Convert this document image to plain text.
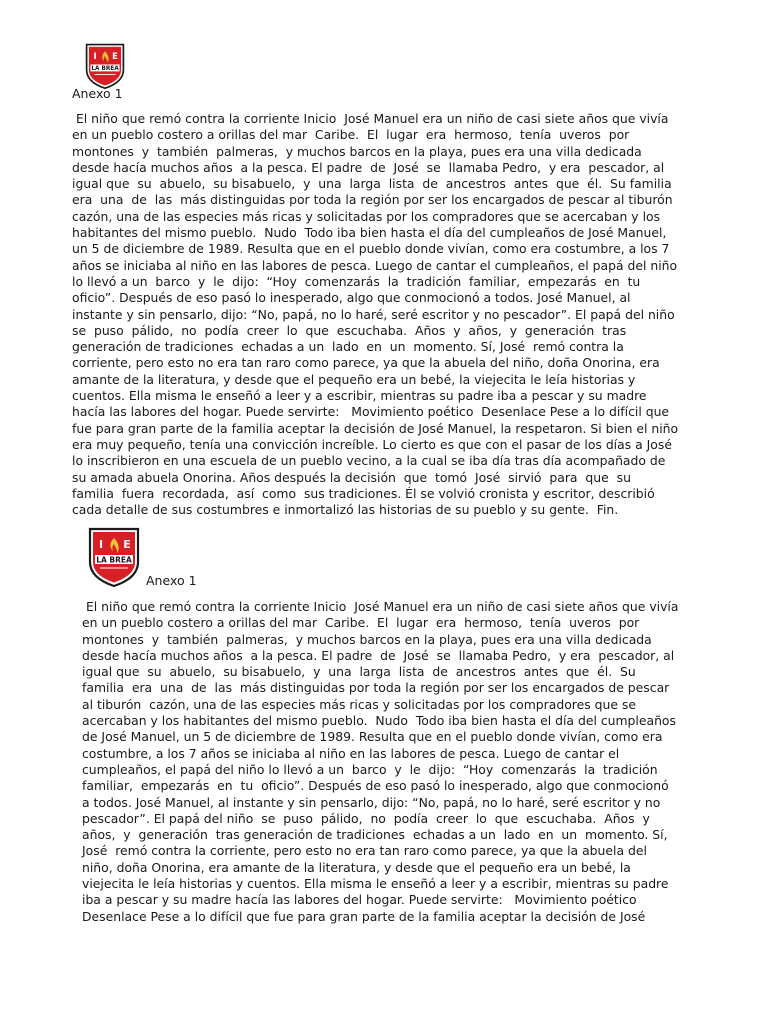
I E
LA BREA
Anexo 1
El niño que remó contra la corriente Inicio  José Manuel era un niño de casi siete años que vivía
en un pueblo costero a orillas del mar  Caribe.  El  lugar  era  hermoso,  tenía  uveros  por
montones  y  también  palmeras,  y muchos barcos en la playa, pues era una villa dedicada
desde hacía muchos años  a la pesca. El padre  de  José  se  llamaba Pedro,  y era  pescador, al
igual que  su  abuelo,  su bisabuelo,  y  una  larga  lista  de  ancestros  antes  que  él.  Su familia
era  una  de  las  más distinguidas por toda la región por ser los encargados de pescar al tiburón
cazón, una de las especies más ricas y solicitadas por los compradores que se acercaban y los
habitantes del mismo pueblo.  Nudo  Todo iba bien hasta el día del cumpleaños de José Manuel,
un 5 de diciembre de 1989. Resulta que en el pueblo donde vivían, como era costumbre, a los 7
años se iniciaba al niño en las labores de pesca. Luego de cantar el cumpleaños, el papá del niño
lo llevó a un  barco  y  le  dijo:  “Hoy  comenzarás  la  tradición  familiar,  empezarás  en  tu
oficio”. Después de eso pasó lo inesperado, algo que conmocionó a todos. José Manuel, al
instante y sin pensarlo, dijo: “No, papá, no lo haré, seré escritor y no pescador”. El papá del niño
se  puso  pálido,  no  podía  creer  lo  que  escuchaba.  Años  y  años,  y  generación  tras
generación de tradiciones  echadas a un  lado  en  un  momento. Sí, José  remó contra la
corriente, pero esto no era tan raro como parece, ya que la abuela del niño, doña Onorina, era
amante de la literatura, y desde que el pequeño era un bebé, la viejecita le leía historias y
cuentos. Ella misma le enseñó a leer y a escribir, mientras su padre iba a pescar y su madre
hacía las labores del hogar. Puede servirte:   Movimiento poético  Desenlace Pese a lo difícil que
fue para gran parte de la familia aceptar la decisión de José Manuel, la respetaron. Si bien el niño
era muy pequeño, tenía una convicción increíble. Lo cierto es que con el pasar de los días a José
lo inscribieron en una escuela de un pueblo vecino, a la cual se iba día tras día acompañado de
su amada abuela Onorina. Años después la decisión  que  tomó  José  sirvió  para  que  su
familia  fuera  recordada,  así  como  sus tradiciones. Él se volvió cronista y escritor, describió
cada detalle de sus costumbres e inmortalizó las historias de su pueblo y su gente.  Fin.
I E
LA BREA
Anexo 1
El niño que remó contra la corriente Inicio  José Manuel era un niño de casi siete años que vivía
en un pueblo costero a orillas del mar  Caribe.  El  lugar  era  hermoso,  tenía  uveros  por
montones  y  también  palmeras,  y muchos barcos en la playa, pues era una villa dedicada
desde hacía muchos años  a la pesca. El padre  de  José  se  llamaba Pedro,  y era  pescador, al
igual que  su  abuelo,  su bisabuelo,  y  una  larga  lista  de  ancestros  antes  que  él.  Su
familia  era  una  de  las  más distinguidas por toda la región por ser los encargados de pescar
al tiburón  cazón, una de las especies más ricas y solicitadas por los compradores que se
acercaban y los habitantes del mismo pueblo.  Nudo  Todo iba bien hasta el día del cumpleaños
de José Manuel, un 5 de diciembre de 1989. Resulta que en el pueblo donde vivían, como era
costumbre, a los 7 años se iniciaba al niño en las labores de pesca. Luego de cantar el
cumpleaños, el papá del niño lo llevó a un  barco  y  le  dijo:  “Hoy  comenzarás  la  tradición
familiar,  empezarás  en  tu  oficio”. Después de eso pasó lo inesperado, algo que conmocionó
a todos. José Manuel, al instante y sin pensarlo, dijo: “No, papá, no lo haré, seré escritor y no
pescador”. El papá del niño  se  puso  pálido,  no  podía  creer  lo  que  escuchaba.  Años  y
años,  y  generación  tras generación de tradiciones  echadas a un  lado  en  un  momento. Sí,
José  remó contra la corriente, pero esto no era tan raro como parece, ya que la abuela del
niño, doña Onorina, era amante de la literatura, y desde que el pequeño era un bebé, la
viejecita le leía historias y cuentos. Ella misma le enseñó a leer y a escribir, mientras su padre
iba a pescar y su madre hacía las labores del hogar. Puede servirte:   Movimiento poético
Desenlace Pese a lo difícil que fue para gran parte de la familia aceptar la decisión de José
